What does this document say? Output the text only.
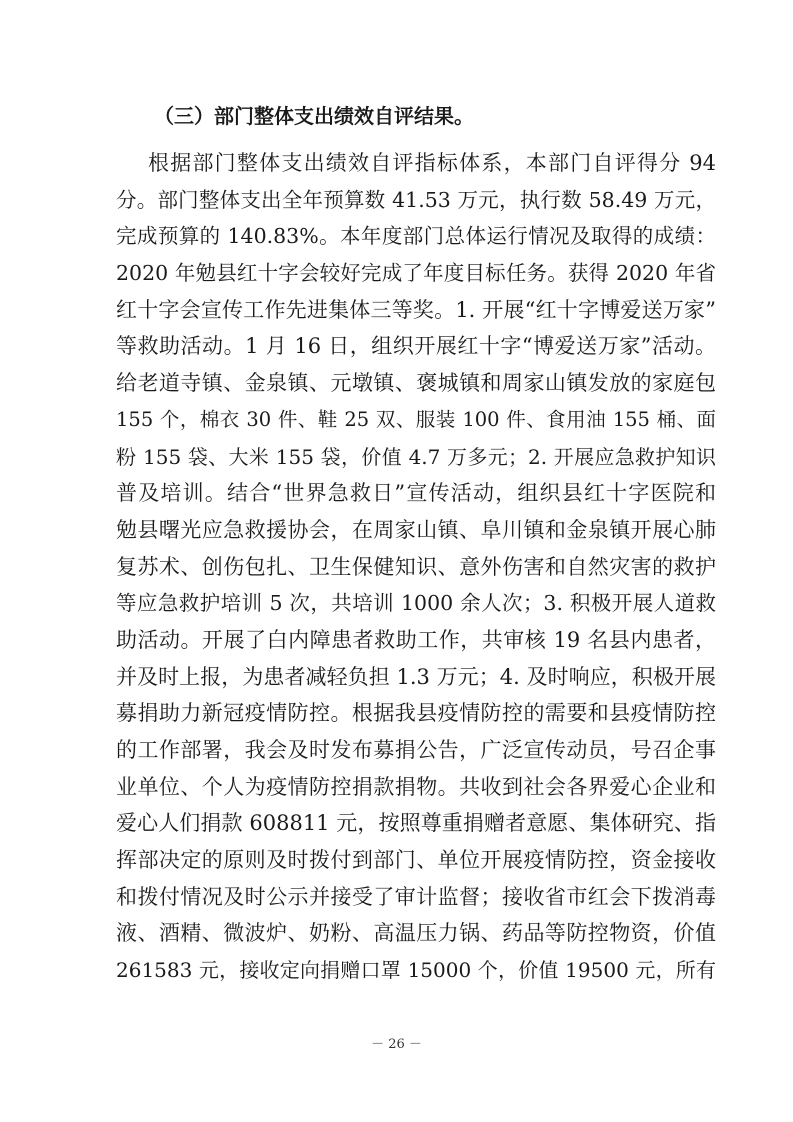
（三）部门整体支出绩效自评结果。
根据部门整体支出绩效自评指标体系，本部门自评得分 94
分。部门整体支出全年预算数 41.53 万元，执行数 58.49 万元，
完成预算的 140.83%。本年度部门总体运行情况及取得的成绩：
2020 年勉县红十字会较好完成了年度目标任务。获得 2020 年省
红十字会宣传工作先进集体三等奖。1. 开展“红十字博爱送万家”
等救助活动。1 月 16 日，组织开展红十字“博爱送万家”活动。
给老道寺镇、金泉镇、元墩镇、褒城镇和周家山镇发放的家庭包
155 个，棉衣 30 件、鞋 25 双、服装 100 件、食用油 155 桶、面
粉 155 袋、大米 155 袋，价值 4.7 万多元；2. 开展应急救护知识
普及培训。结合“世界急救日”宣传活动，组织县红十字医院和
勉县曙光应急救援协会，在周家山镇、阜川镇和金泉镇开展心肺
复苏术、创伤包扎、卫生保健知识、意外伤害和自然灾害的救护
等应急救护培训 5 次，共培训 1000 余人次；3. 积极开展人道救
助活动。开展了白内障患者救助工作，共审核 19 名县内患者，
并及时上报，为患者减轻负担 1.3 万元；4. 及时响应，积极开展
募捐助力新冠疫情防控。根据我县疫情防控的需要和县疫情防控
的工作部署，我会及时发布募捐公告，广泛宣传动员，号召企事
业单位、个人为疫情防控捐款捐物。共收到社会各界爱心企业和
爱心人们捐款 608811 元，按照尊重捐赠者意愿、集体研究、指
挥部决定的原则及时拨付到部门、单位开展疫情防控，资金接收
和拨付情况及时公示并接受了审计监督；接收省市红会下拨消毒
液、酒精、微波炉、奶粉、高温压力锅、药品等防控物资，价值
261583 元，接收定向捐赠口罩 15000 个，价值 19500 元，所有
－ 26 －
